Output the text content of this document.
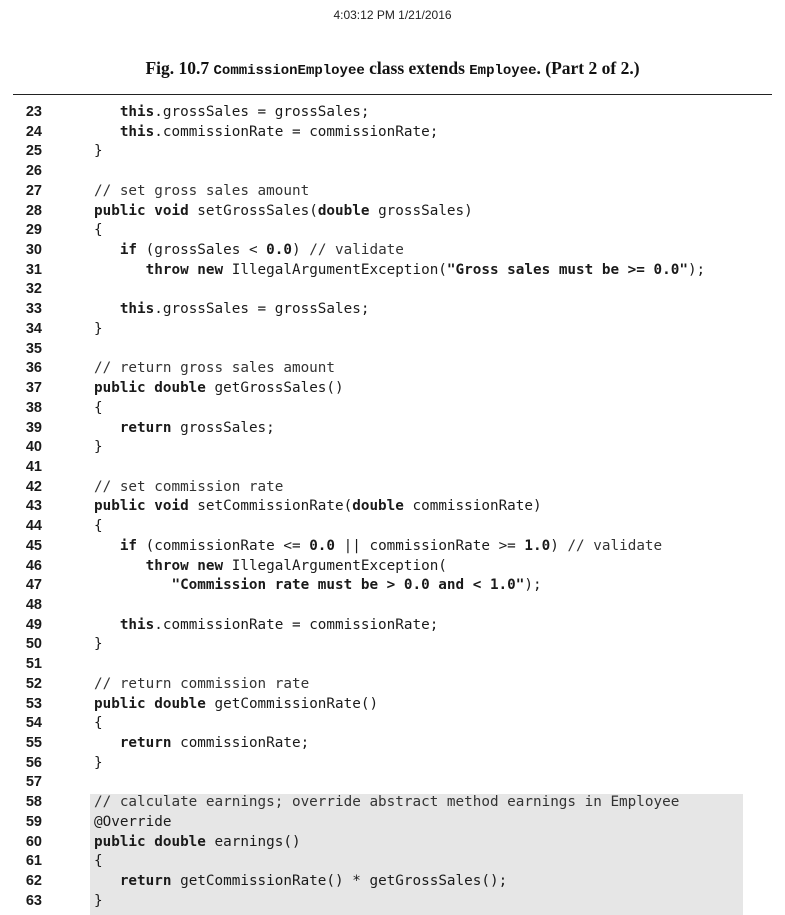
4:03:12 PM 1/21/2016
Fig. 10.7 CommissionEmployee class extends Employee. (Part 2 of 2.)
23	this.grossSales = grossSales;
24	this.commissionRate = commissionRate;
25	}
26
27	// set gross sales amount
28	public void setGrossSales(double grossSales)
29	{
30	if (grossSales < 0.0) // validate
31	throw new IllegalArgumentException("Gross sales must be >= 0.0");
32
33	this.grossSales = grossSales;
34	}
35
36	// return gross sales amount
37	public double getGrossSales()
38	{
39	return grossSales;
40	}
41
42	// set commission rate
43	public void setCommissionRate(double commissionRate)
44	{
45	if (commissionRate <= 0.0 || commissionRate >= 1.0) // validate
46	throw new IllegalArgumentException(
47	"Commission rate must be > 0.0 and < 1.0");
48
49	this.commissionRate = commissionRate;
50	}
51
52	// return commission rate
53	public double getCommissionRate()
54	{
55	return commissionRate;
56	}
57
58	// calculate earnings; override abstract method earnings in Employee
59	@Override
60	public double earnings()
61	{
62	return getCommissionRate() * getGrossSales();
63	}
